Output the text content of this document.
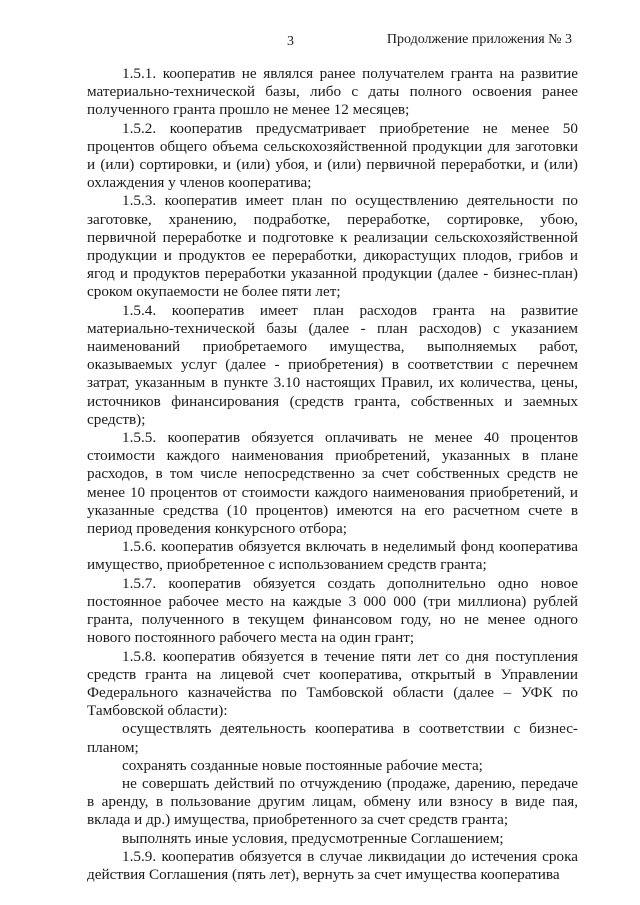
3	Продолжение приложения № 3

1.5.1. кооператив не являлся ранее получателем гранта на развитие материально-технической базы, либо с даты полного освоения ранее полученного гранта прошло не менее 12 месяцев;

1.5.2. кооператив предусматривает приобретение не менее 50 процентов общего объема сельскохозяйственной продукции для заготовки и (или) сортировки, и (или) убоя, и (или) первичной переработки, и (или) охлаждения у членов кооператива;

1.5.3. кооператив имеет план по осуществлению деятельности по заготовке, хранению, подработке, переработке, сортировке, убою, первичной переработке и подготовке к реализации сельскохозяйственной продукции и продуктов ее переработки, дикорастущих плодов, грибов и ягод и продуктов переработки указанной продукции (далее - бизнес-план) сроком окупаемости не более пяти лет;

1.5.4. кооператив имеет план расходов гранта на развитие материально-технической базы (далее - план расходов) с указанием наименований приобретаемого имущества, выполняемых работ, оказываемых услуг (далее - приобретения) в соответствии с перечнем затрат, указанным в пункте 3.10 настоящих Правил, их количества, цены, источников финансирования (средств гранта, собственных и заемных средств);

1.5.5. кооператив обязуется оплачивать не менее 40 процентов стоимости каждого наименования приобретений, указанных в плане расходов, в том числе непосредственно за счет собственных средств не менее 10 процентов от стоимости каждого наименования приобретений, и указанные средства (10 процентов) имеются на его расчетном счете в период проведения конкурсного отбора;

1.5.6. кооператив обязуется включать в неделимый фонд кооператива имущество, приобретенное с использованием средств гранта;

1.5.7. кооператив обязуется создать дополнительно одно новое постоянное рабочее место на каждые 3 000 000 (три миллиона) рублей гранта, полученного в текущем финансовом году, но не менее одного нового постоянного рабочего места на один грант;

1.5.8. кооператив обязуется в течение пяти лет со дня поступления средств гранта на лицевой счет кооператива, открытый в Управлении Федерального казначейства по Тамбовской области (далее – УФК по Тамбовской области):

осуществлять деятельность кооператива в соответствии с бизнес-планом;

сохранять созданные новые постоянные рабочие места;

не совершать действий по отчуждению (продаже, дарению, передаче в аренду, в пользование другим лицам, обмену или взносу в виде пая, вклада и др.) имущества, приобретенного за счет средств гранта;

выполнять иные условия, предусмотренные Соглашением;

1.5.9. кооператив обязуется в случае ликвидации до истечения срока действия Соглашения (пять лет), вернуть за счет имущества кооператива
